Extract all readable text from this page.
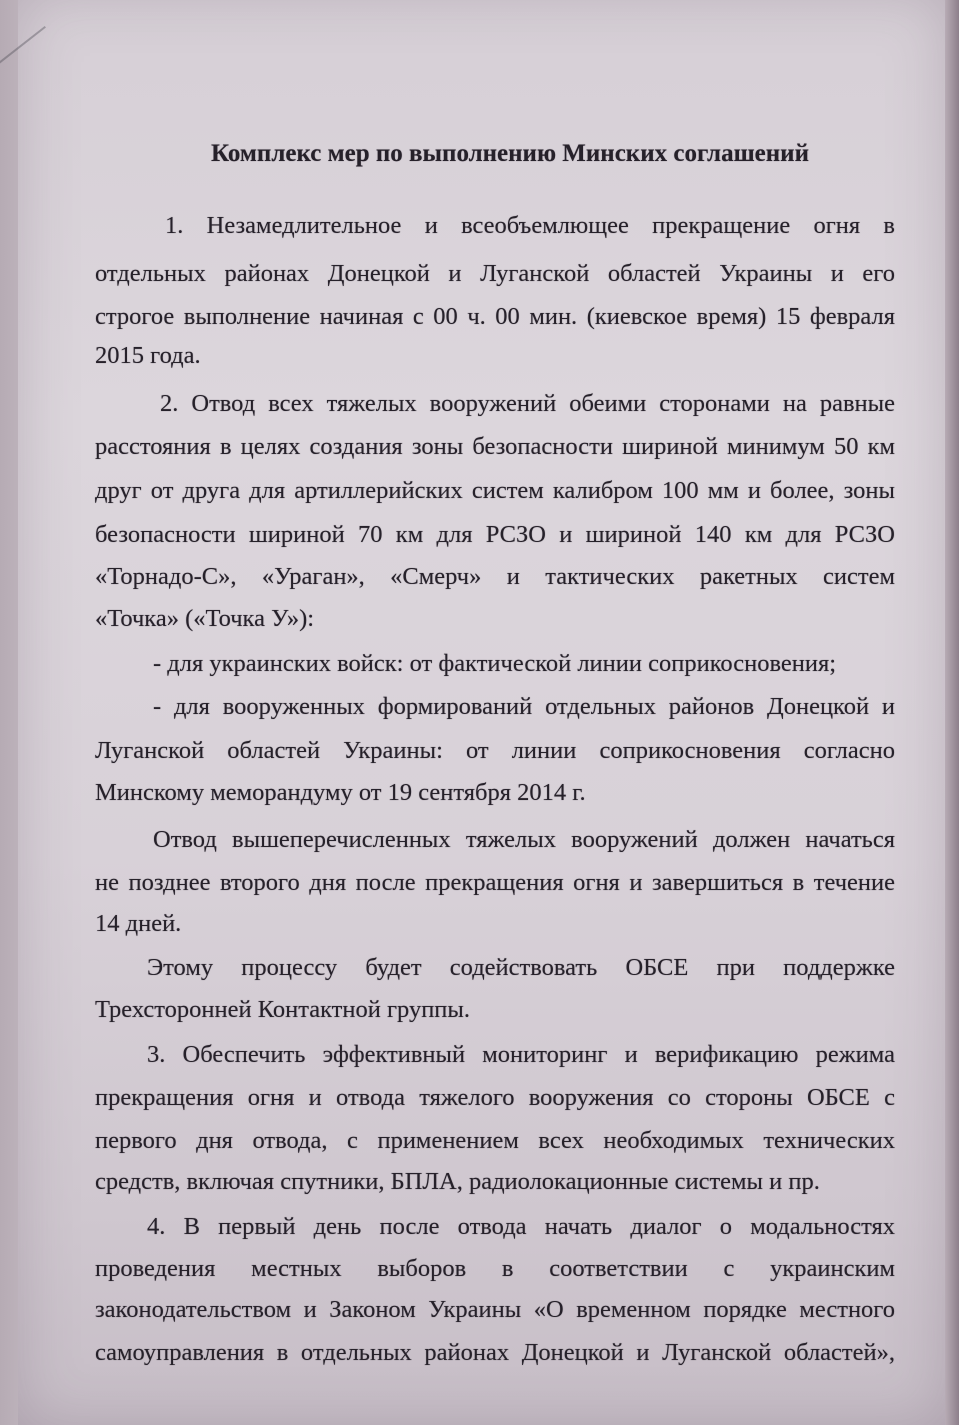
Комплекс мер по выполнению Минских соглашений
1. Незамедлительное и всеобъемлющее прекращение огня в
отдельных районах Донецкой и Луганской областей Украины и его
строгое выполнение начиная с 00 ч. 00 мин. (киевское время) 15 февраля
2015 года.
2. Отвод всех тяжелых вооружений обеими сторонами на равные
расстояния в целях создания зоны безопасности шириной минимум 50 км
друг от друга для артиллерийских систем калибром 100 мм и более, зоны
безопасности шириной 70 км для РСЗО и шириной 140 км для РСЗО
«Торнадо-С», «Ураган», «Смерч» и тактических ракетных систем
«Точка» («Точка У»):
- для украинских войск: от фактической линии соприкосновения;
- для вооруженных формирований отдельных районов Донецкой и
Луганской областей Украины: от линии соприкосновения согласно
Минскому меморандуму от 19 сентября 2014 г.
Отвод вышеперечисленных тяжелых вооружений должен начаться
не позднее второго дня после прекращения огня и завершиться в течение
14 дней.
Этому процессу будет содействовать ОБСЕ при поддержке
Трехсторонней Контактной группы.
3. Обеспечить эффективный мониторинг и верификацию режима
прекращения огня и отвода тяжелого вооружения со стороны ОБСЕ с
первого дня отвода, с применением всех необходимых технических
средств, включая спутники, БПЛА, радиолокационные системы и пр.
4. В первый день после отвода начать диалог о модальностях
проведения местных выборов в соответствии с украинским
законодательством и Законом Украины «О временном порядке местного
самоуправления в отдельных районах Донецкой и Луганской областей»,
